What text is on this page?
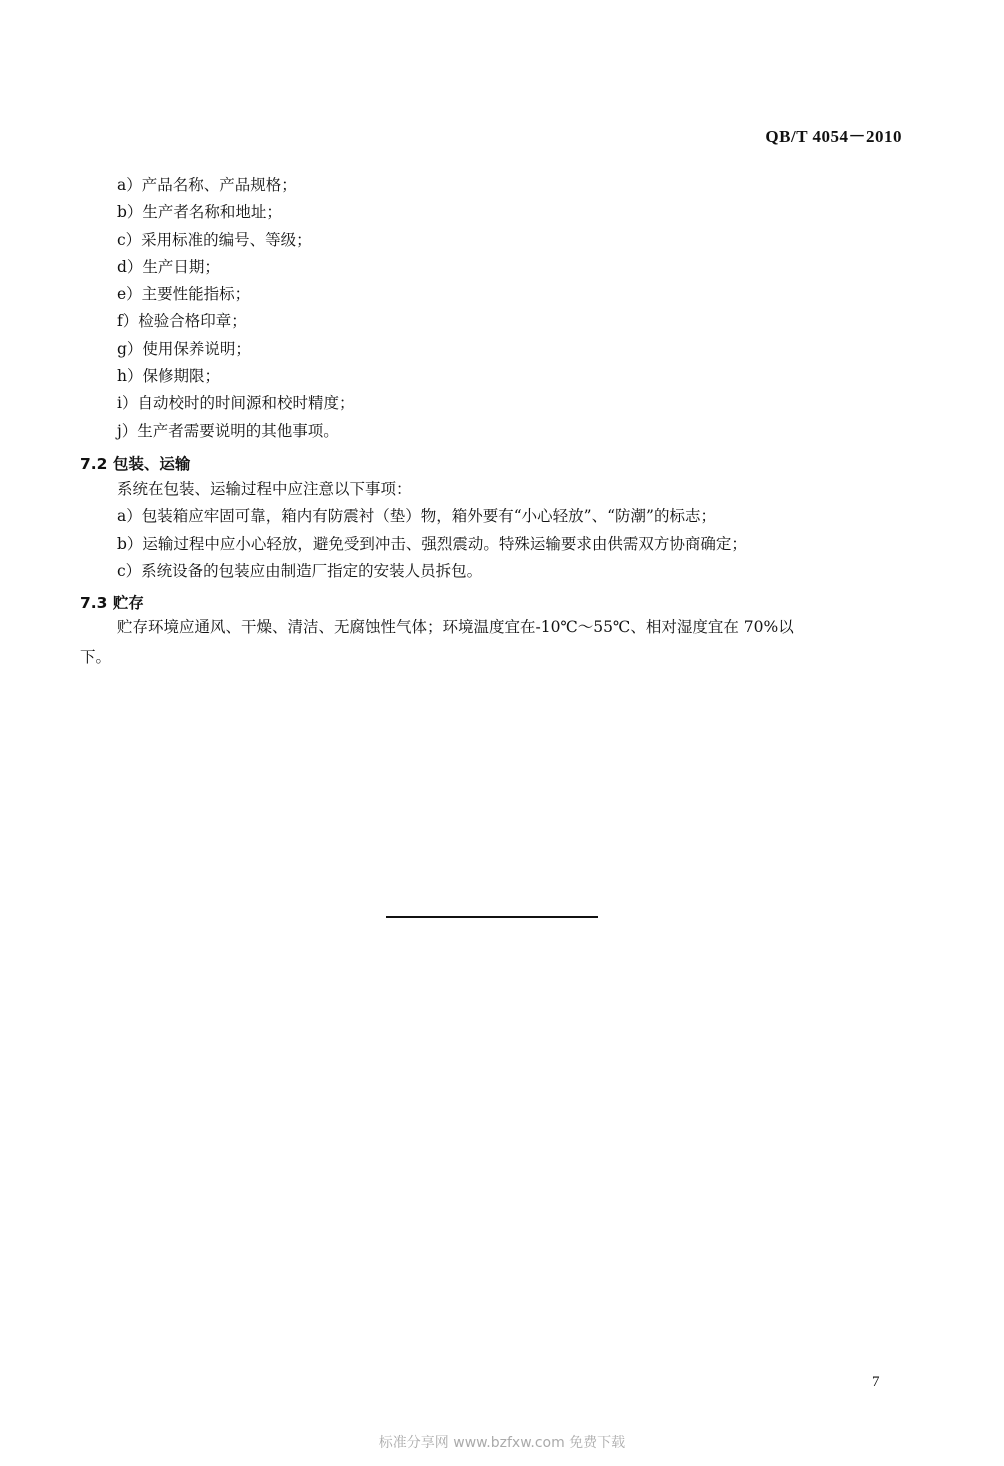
QB/T 4054－2010
a）产品名称、产品规格；
b）生产者名称和地址；
c）采用标准的编号、等级；
d）生产日期；
e）主要性能指标；
f）检验合格印章；
g）使用保养说明；
h）保修期限；
i）自动校时的时间源和校时精度；
j）生产者需要说明的其他事项。
7.2 包装、运输
系统在包装、运输过程中应注意以下事项：
a）包装箱应牢固可靠，箱内有防震衬（垫）物，箱外要有“小心轻放”、“防潮”的标志；
b）运输过程中应小心轻放，避免受到冲击、强烈震动。特殊运输要求由供需双方协商确定；
c）系统设备的包装应由制造厂指定的安装人员拆包。
7.3 贮存
贮存环境应通风、干燥、清洁、无腐蚀性气体；环境温度宜在-10℃～55℃、相对湿度宜在 70%以
下。
7
标准分享网 www.bzfxw.com 免费下载
